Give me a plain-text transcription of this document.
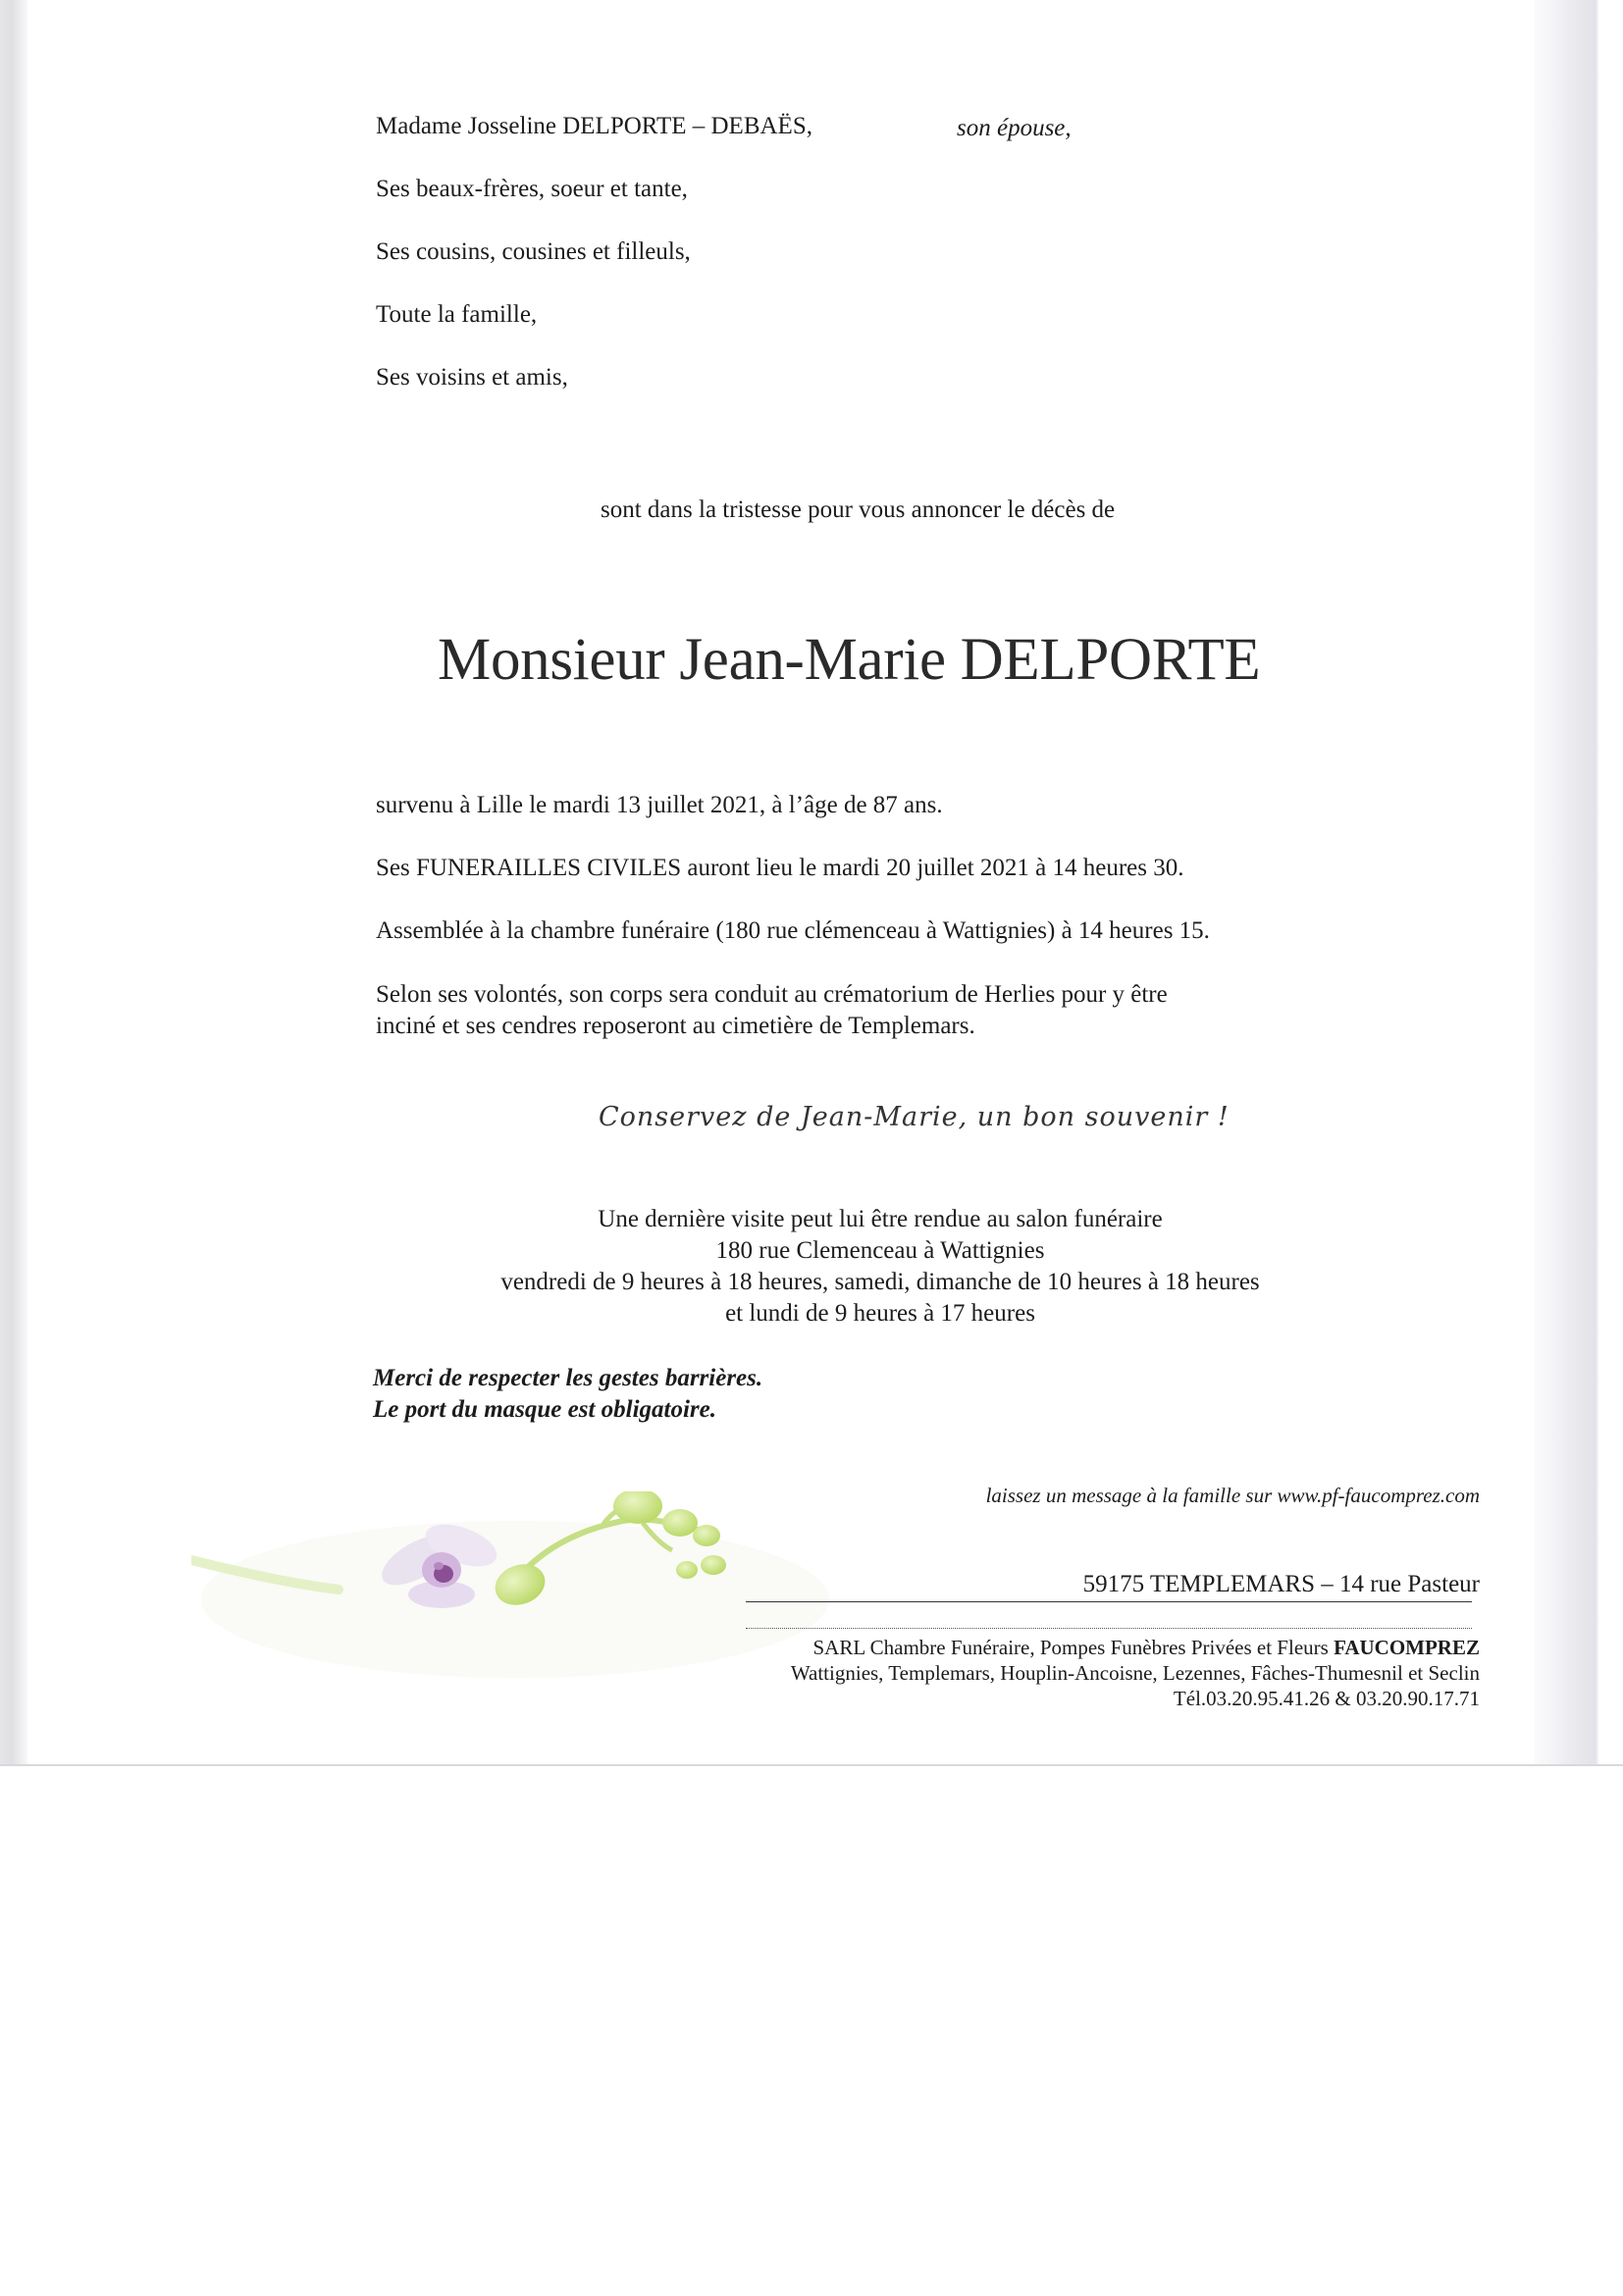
Madame Josseline DELPORTE – DEBAËS,	son épouse,
Ses beaux-frères, soeur et tante,
Ses cousins, cousines et filleuls,
Toute la famille,
Ses voisins et amis,
sont dans la tristesse pour vous annoncer le décès de
Monsieur Jean-Marie DELPORTE
survenu à Lille le mardi 13 juillet 2021, à l’âge de 87 ans.
Ses FUNERAILLES CIVILES auront lieu le mardi 20 juillet 2021 à 14 heures 30.
Assemblée à la chambre funéraire (180 rue clémenceau à Wattignies) à 14 heures 15.
Selon ses volontés, son corps sera conduit au crématorium de Herlies pour y être
inciné et ses cendres reposeront au cimetière de Templemars.
Conservez de Jean-Marie, un bon souvenir !
Une dernière visite peut lui être rendue au salon funéraire
180 rue Clemenceau à Wattignies
vendredi de 9 heures à 18 heures, samedi, dimanche de 10 heures à 18 heures
et lundi de 9 heures à 17 heures
Merci de respecter les gestes barrières.
Le port du masque est obligatoire.
laissez un message à la famille sur www.pf-faucomprez.com
59175 TEMPLEMARS – 14 rue Pasteur
SARL Chambre Funéraire, Pompes Funèbres Privées et Fleurs FAUCOMPREZ
Wattignies, Templemars, Houplin-Ancoisne, Lezennes, Fâches-Thumesnil et Seclin
Tél.03.20.95.41.26 & 03.20.90.17.71
